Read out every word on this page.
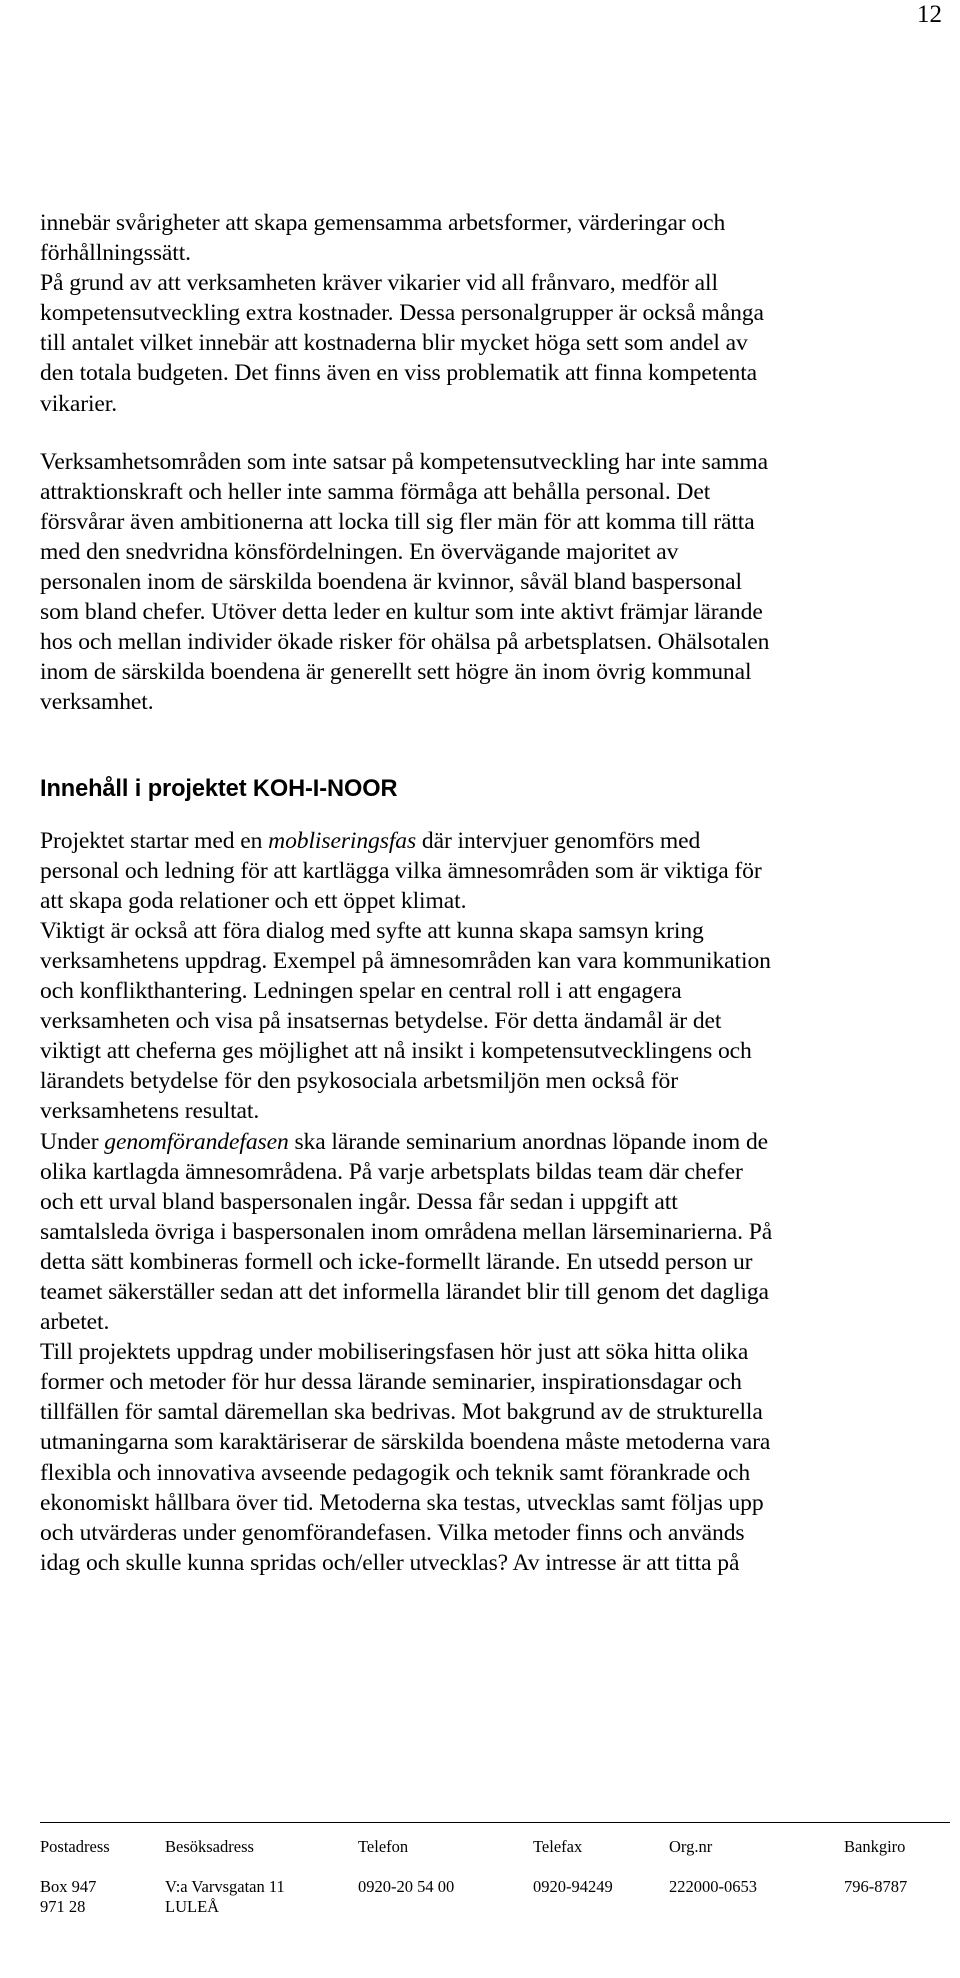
12

innebär svårigheter att skapa gemensamma arbetsformer, värderingar och
förhållningssätt.
På grund av att verksamheten kräver vikarier vid all frånvaro, medför all
kompetensutveckling extra kostnader. Dessa personalgrupper är också många
till antalet vilket innebär att kostnaderna blir mycket höga sett som andel av
den totala budgeten. Det finns även en viss problematik att finna kompetenta
vikarier.

Verksamhetsområden som inte satsar på kompetensutveckling har inte samma
attraktionskraft och heller inte samma förmåga att behålla personal. Det
försvårar även ambitionerna att locka till sig fler män för att komma till rätta
med den snedvridna könsfördelningen. En övervägande majoritet av
personalen inom de särskilda boendena är kvinnor, såväl bland baspersonal
som bland chefer. Utöver detta leder en kultur som inte aktivt främjar lärande
hos och mellan individer ökade risker för ohälsa på arbetsplatsen. Ohälsotalen
inom de särskilda boendena är generellt sett högre än inom övrig kommunal
verksamhet.

Innehåll i projektet KOH-I-NOOR

Projektet startar med en mobliseringsfas där intervjuer genomförs med
personal och ledning för att kartlägga vilka ämnesområden som är viktiga för
att skapa goda relationer och ett öppet klimat.
Viktigt är också att föra dialog med syfte att kunna skapa samsyn kring
verksamhetens uppdrag. Exempel på ämnesområden kan vara kommunikation
och konflikthantering. Ledningen spelar en central roll i att engagera
verksamheten och visa på insatsernas betydelse. För detta ändamål är det
viktigt att cheferna ges möjlighet att nå insikt i kompetensutvecklingens och
lärandets betydelse för den psykosociala arbetsmiljön men också för
verksamhetens resultat.
Under genomförandefasen ska lärande seminarium anordnas löpande inom de
olika kartlagda ämnesområdena. På varje arbetsplats bildas team där chefer
och ett urval bland baspersonalen ingår. Dessa får sedan i uppgift att
samtalsleda övriga i baspersonalen inom områdena mellan lärseminarierna. På
detta sätt kombineras formell och icke-formellt lärande. En utsedd person ur
teamet säkerställer sedan att det informella lärandet blir till genom det dagliga
arbetet.
Till projektets uppdrag under mobiliseringsfasen hör just att söka hitta olika
former och metoder för hur dessa lärande seminarier, inspirationsdagar och
tillfällen för samtal däremellan ska bedrivas. Mot bakgrund av de strukturella
utmaningarna som karaktäriserar de särskilda boendena måste metoderna vara
flexibla och innovativa avseende pedagogik och teknik samt förankrade och
ekonomiskt hållbara över tid. Metoderna ska testas, utvecklas samt följas upp
och utvärderas under genomförandefasen. Vilka metoder finns och används
idag och skulle kunna spridas och/eller utvecklas? Av intresse är att titta på

Postadress	Besöksadress	Telefon	Telefax	Org.nr	Bankgiro
Box 947	V:a Varvsgatan 11	0920-20 54 00	0920-94249	222000-0653	796-8787
971 28	LULEÅ				
